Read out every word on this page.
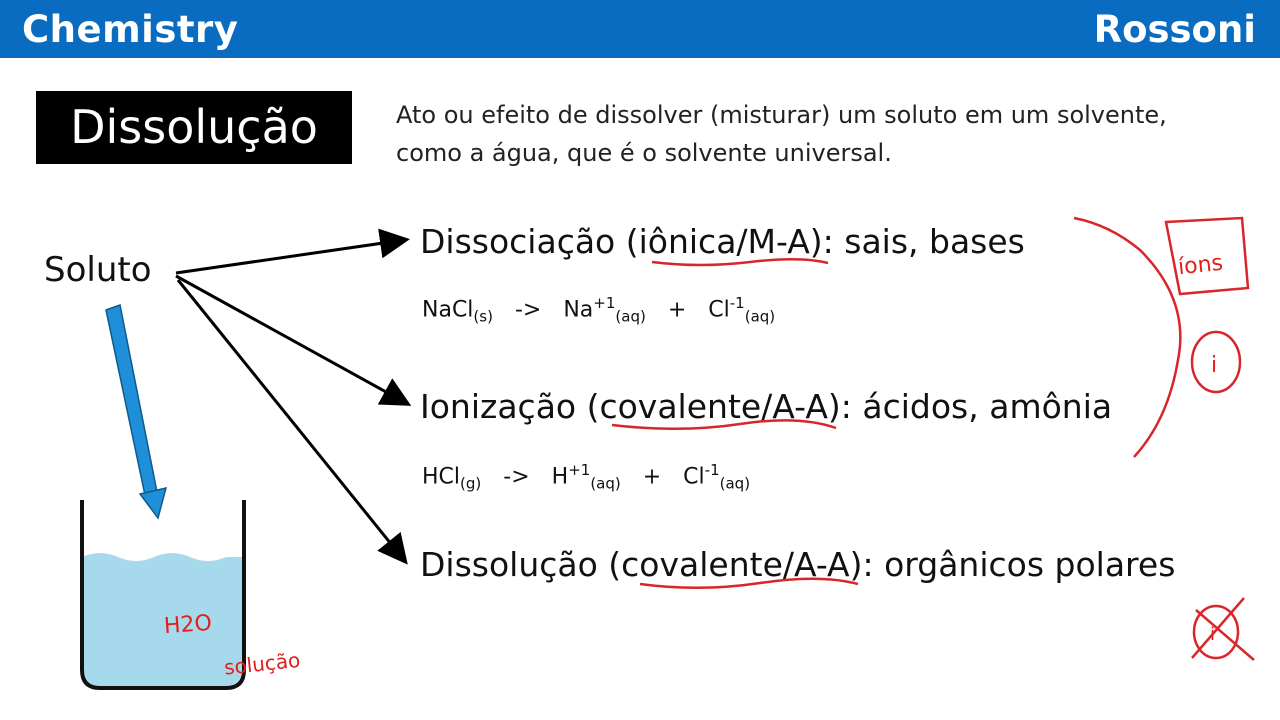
Chemistry	Rossoni
Dissolução	Ato ou efeito de dissolver (misturar) um soluto em um solvente,
como a água, que é o solvente universal.
Soluto
Dissociação (iônica/M-A): sais, bases
Ionização (covalente/A-A): ácidos, amônia
Dissolução (covalente/A-A): orgânicos polares
NaCl$_{(s)}$ -> $Na^{+1}_{(aq)} + Cl^{-1}_{(aq)}$
$HCl_{(g)} -> H^{+1}_{(aq)} + Cl^{-1}_{(aq)}$
íons
i
i
H2O
solução
